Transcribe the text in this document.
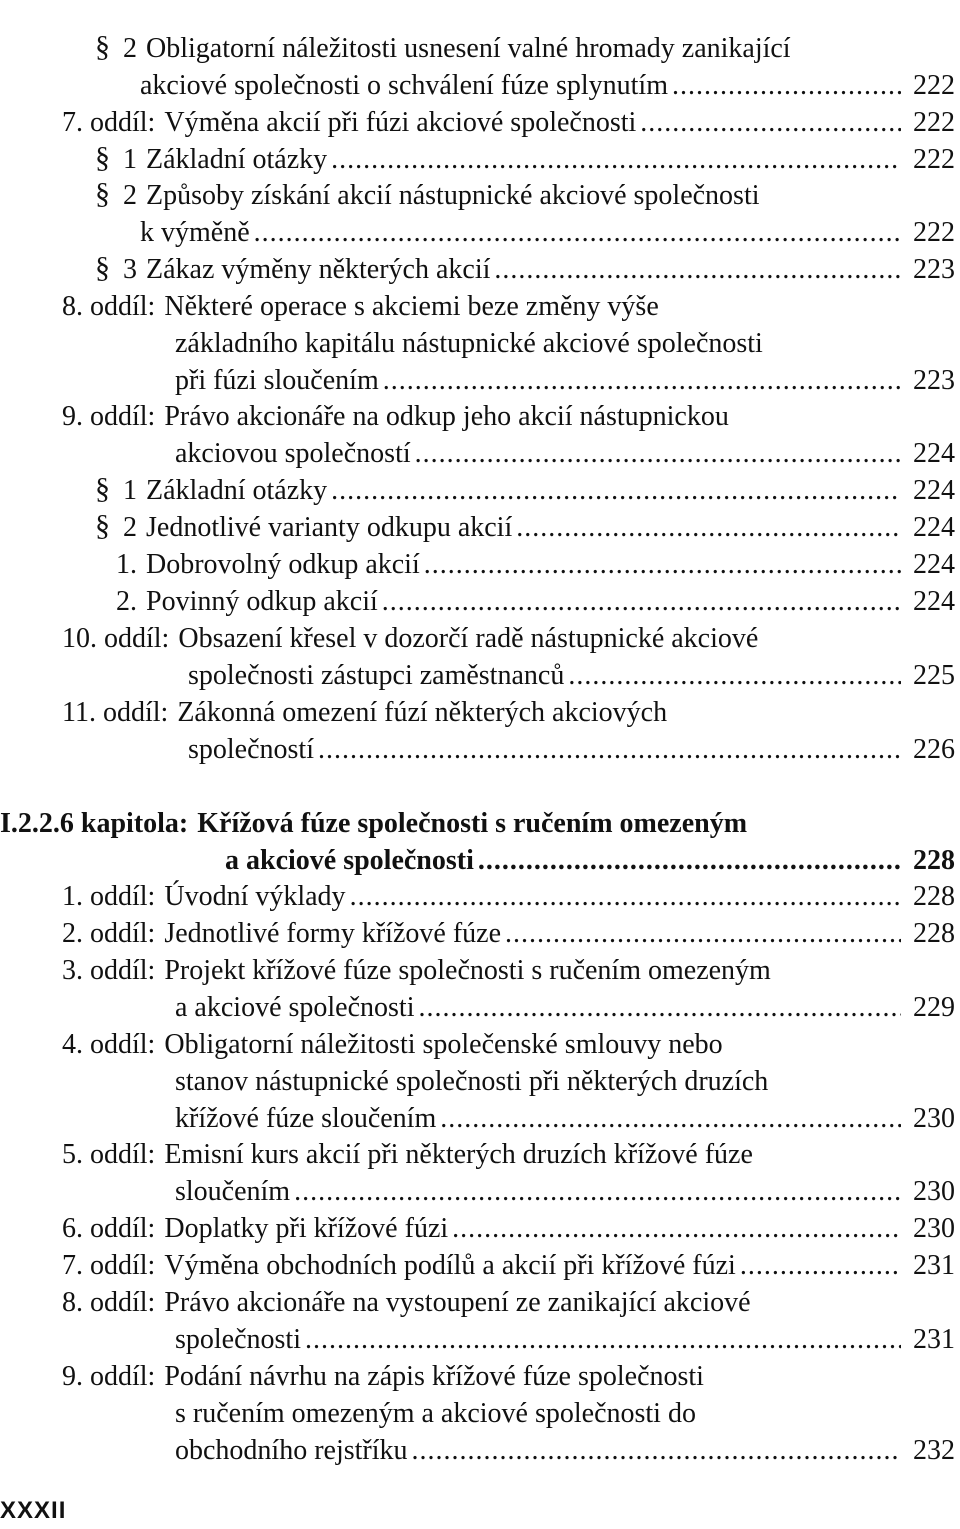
§ 2 Obligatorní náležitosti usnesení valné hromady zanikající
akciové společnosti o schválení fúze splynutím .....	222
7. oddíl: Výměna akcií při fúzi akciové společnosti .....	222
§ 1 Základní otázky .....	222
§ 2 Způsoby získání akcií nástupnické akciové společnosti
k výměně .....	222
§ 3 Zákaz výměny některých akcií .....	223
8. oddíl: Některé operace s akciemi beze změny výše
základního kapitálu nástupnické akciové společnosti
při fúzi sloučením .....	223
9. oddíl: Právo akcionáře na odkup jeho akcií nástupnickou
akciovou společností .....	224
§ 1 Základní otázky .....	224
§ 2 Jednotlivé varianty odkupu akcií .....	224
1. Dobrovolný odkup akcií .....	224
2. Povinný odkup akcií .....	224
10. oddíl: Obsazení křesel v dozorčí radě nástupnické akciové
společnosti zástupci zaměstnanců .....	225
11. oddíl: Zákonná omezení fúzí některých akciových
společností .....	226
I.2.2.6 kapitola: Křížová fúze společnosti s ručením omezeným
a akciové společnosti .....	228
1. oddíl: Úvodní výklady .....	228
2. oddíl: Jednotlivé formy křížové fúze .....	228
3. oddíl: Projekt křížové fúze společnosti s ručením omezeným
a akciové společnosti .....	229
4. oddíl: Obligatorní náležitosti společenské smlouvy nebo
stanov nástupnické společnosti při některých druzích
křížové fúze sloučením .....	230
5. oddíl: Emisní kurs akcií při některých druzích křížové fúze
sloučením .....	230
6. oddíl: Doplatky při křížové fúzi .....	230
7. oddíl: Výměna obchodních podílů a akcií při křížové fúzi .....	231
8. oddíl: Právo akcionáře na vystoupení ze zanikající akciové
společnosti .....	231
9. oddíl: Podání návrhu na zápis křížové fúze společnosti
s ručením omezeným a akciové společnosti do
obchodního rejstříku .....	232
XXXII
